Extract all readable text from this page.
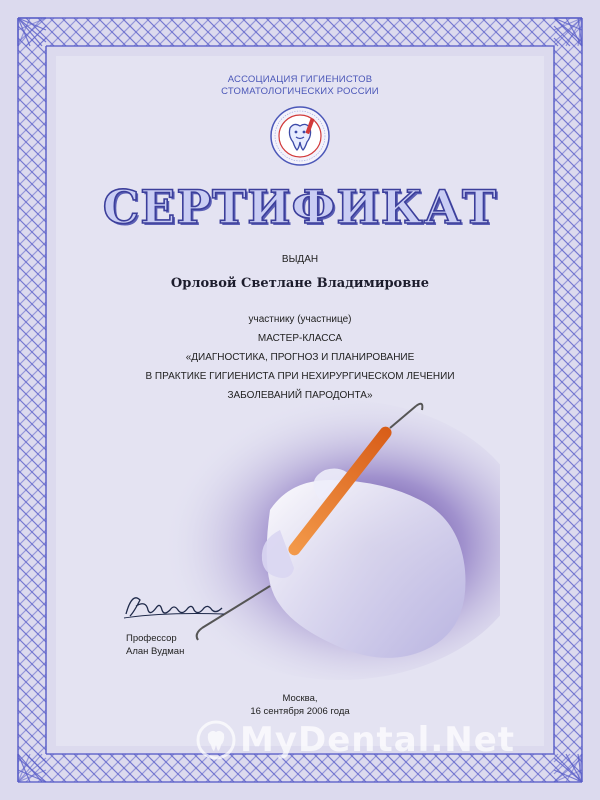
АССОЦИАЦИЯ ГИГИЕНИСТОВ
СТОМАТОЛОГИЧЕСКИХ РОССИИ
СЕРТИФИКАТ
ВЫДАН
Орловой Светлане Владимировне
участнику (участнице)
МАСТЕР-КЛАССА
«ДИАГНОСТИКА, ПРОГНОЗ И ПЛАНИРОВАНИЕ
В ПРАКТИКЕ ГИГИЕНИСТА ПРИ НЕХИРУРГИЧЕСКОМ ЛЕЧЕНИИ
ЗАБОЛЕВАНИЙ ПАРОДОНТА»
Профессор
Алан Вудман
Москва,
16 сентября 2006 года
MyDental.Net
